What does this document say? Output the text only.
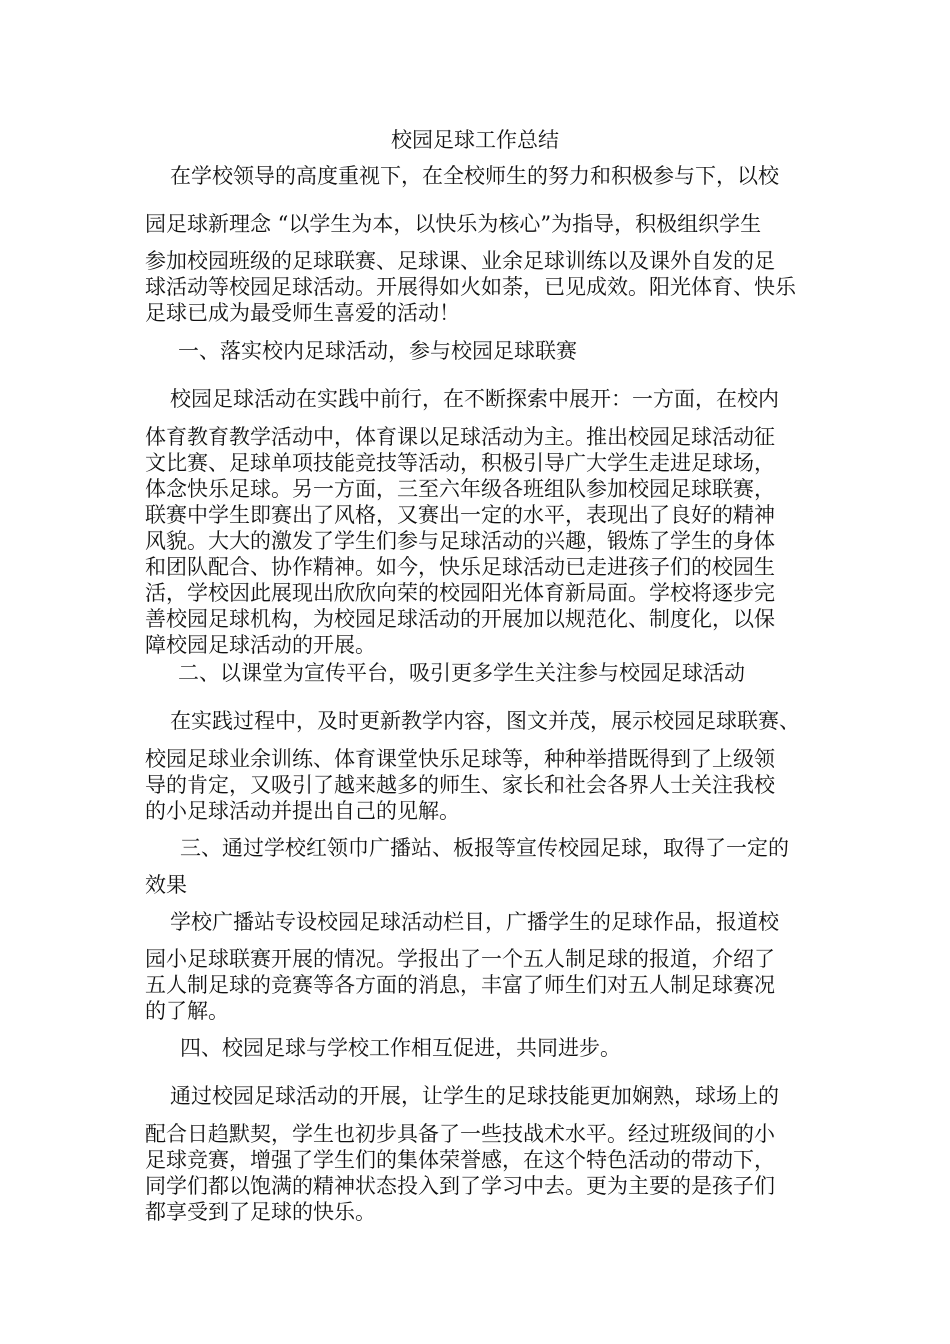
校园足球工作总结
在学校领导的高度重视下，在全校师生的努力和积极参与下，以校
园足球新理念 “以学生为本，以快乐为核心”为指导，积极组织学生
参加校园班级的足球联赛、足球课、业余足球训练以及课外自发的足
球活动等校园足球活动。开展得如火如荼，已见成效。阳光体育、快乐
足球已成为最受师生喜爱的活动！
一、落实校内足球活动，参与校园足球联赛
校园足球活动在实践中前行，在不断探索中展开：一方面，在校内
体育教育教学活动中，体育课以足球活动为主。推出校园足球活动征
文比赛、足球单项技能竞技等活动，积极引导广大学生走进足球场，
体念快乐足球。另一方面，三至六年级各班组队参加校园足球联赛，
联赛中学生即赛出了风格，又赛出一定的水平，表现出了良好的精神
风貌。大大的激发了学生们参与足球活动的兴趣，锻炼了学生的身体
和团队配合、协作精神。如今，快乐足球活动已走进孩子们的校园生
活，学校因此展现出欣欣向荣的校园阳光体育新局面。学校将逐步完
善校园足球机构，为校园足球活动的开展加以规范化、制度化，以保
障校园足球活动的开展。
二、以课堂为宣传平台，吸引更多学生关注参与校园足球活动
在实践过程中，及时更新教学内容，图文并茂，展示校园足球联赛、
校园足球业余训练、体育课堂快乐足球等，种种举措既得到了上级领
导的肯定，又吸引了越来越多的师生、家长和社会各界人士关注我校
的小足球活动并提出自己的见解。
三、通过学校红领巾广播站、板报等宣传校园足球，取得了一定的
效果
学校广播站专设校园足球活动栏目，广播学生的足球作品，报道校
园小足球联赛开展的情况。学报出了一个五人制足球的报道，介绍了
五人制足球的竞赛等各方面的消息，丰富了师生们对五人制足球赛况
的了解。
四、校园足球与学校工作相互促进，共同进步。
通过校园足球活动的开展，让学生的足球技能更加娴熟，球场上的
配合日趋默契，学生也初步具备了一些技战术水平。经过班级间的小
足球竞赛，增强了学生们的集体荣誉感，在这个特色活动的带动下，
同学们都以饱满的精神状态投入到了学习中去。更为主要的是孩子们
都享受到了足球的快乐。
